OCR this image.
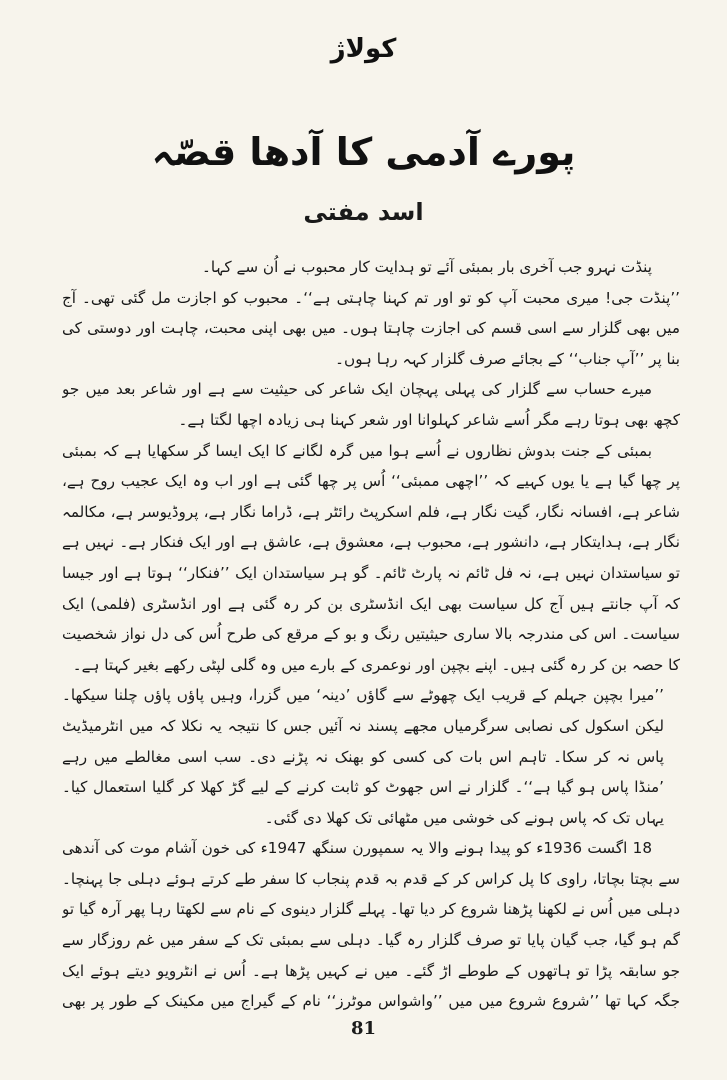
کولاژ
پورے آدمی کا آدھا قصّہ
اسد مفتی

پنڈت نہرو جب آخری بار بمبئی آئے تو ہدایت کار محبوب نے اُن سے کہا۔

’’پنڈت جی! میری محبت آپ کو تو اور تم کہنا چاہتی ہے‘‘۔ محبوب کو اجازت مل گئی تھی۔ آج میں بھی گلزار سے اسی قسم کی اجازت چاہتا ہوں۔ میں بھی اپنی محبت، چاہت اور دوستی کی بنا پر ’’آپ جناب‘‘ کے بجائے صرف گلزار کہہ رہا ہوں۔

میرے حساب سے گلزار کی پہلی پہچان ایک شاعر کی حیثیت سے ہے اور شاعر بعد میں جو کچھ بھی ہوتا رہے مگر اُسے شاعر کہلوانا اور شعر کہنا ہی زیادہ اچھا لگتا ہے۔

بمبئی کے جنت بدوش نظاروں نے اُسے ہوا میں گرہ لگانے کا ایک ایسا گر سکھایا ہے کہ بمبئی پر چھا گیا ہے یا یوں کہیے کہ ’’اچھی ممبئی‘‘ اُس پر چھا گئی ہے اور اب وہ ایک عجیب روح ہے، شاعر ہے، افسانہ نگار، گیت نگار ہے، فلم اسکرپٹ رائٹر ہے، ڈراما نگار ہے، پروڈیوسر ہے، مکالمہ نگار ہے، ہدایتکار ہے، دانشور ہے، محبوب ہے، معشوق ہے، عاشق ہے اور ایک فنکار ہے۔ نہیں ہے تو سیاستدان نہیں ہے، نہ فل ٹائم نہ پارٹ ٹائم۔ گو ہر سیاستدان ایک ’’فنکار‘‘ ہوتا ہے اور جیسا کہ آپ جانتے ہیں آج کل سیاست بھی ایک انڈسٹری بن کر رہ گئی ہے اور انڈسٹری (فلمی) ایک سیاست۔ اس کی مندرجہ بالا ساری حیثیتیں رنگ و بو کے مرقع کی طرح اُس کی دل نواز شخصیت کا حصہ بن کر رہ گئی ہیں۔ اپنے بچپن اور نوعمری کے بارے میں وہ گلی لپٹی رکھے بغیر کہتا ہے۔

’’میرا بچپن جہلم کے قریب ایک چھوٹے سے گاؤں ’دینہ‘ میں گزرا، وہیں پاؤں پاؤں چلنا سیکھا۔ لیکن اسکول کی نصابی سرگرمیاں مجھے پسند نہ آئیں جس کا نتیجہ یہ نکلا کہ میں انٹرمیڈیٹ پاس نہ کر سکا۔ تاہم اس بات کی کسی کو بھنک نہ پڑنے دی۔ سب اسی مغالطے میں رہے ’منڈا پاس ہو گیا ہے‘‘۔ گلزار نے اس جھوٹ کو ثابت کرنے کے لیے گڑ کھلا کر گلیا استعمال کیا۔ یہاں تک کہ پاس ہونے کی خوشی میں مٹھائی تک کھلا دی گئی۔

18 اگست 1936ء کو پیدا ہونے والا یہ سمپورن سنگھ 1947ء کی خون آشام موت کی آندھی سے بچتا بچاتا، راوی کا پل کراس کر کے قدم بہ قدم پنجاب کا سفر طے کرتے ہوئے دہلی جا پہنچا۔ دہلی میں اُس نے لکھنا پڑھنا شروع کر دیا تھا۔ پہلے گلزار دینوی کے نام سے لکھتا رہا پھر آرہ گیا تو گم ہو گیا، جب گیان پایا تو صرف گلزار رہ گیا۔ دہلی سے بمبئی تک کے سفر میں غم روزگار سے جو سابقہ پڑا تو ہاتھوں کے طوطے اڑ گئے۔ میں نے کہیں پڑھا ہے۔ اُس نے انٹرویو دیتے ہوئے ایک جگہ کہا تھا ’’شروع شروع میں میں ’’واشواس موٹرز‘‘ نام کے گیراج میں مکینک کے طور پر بھی

81
